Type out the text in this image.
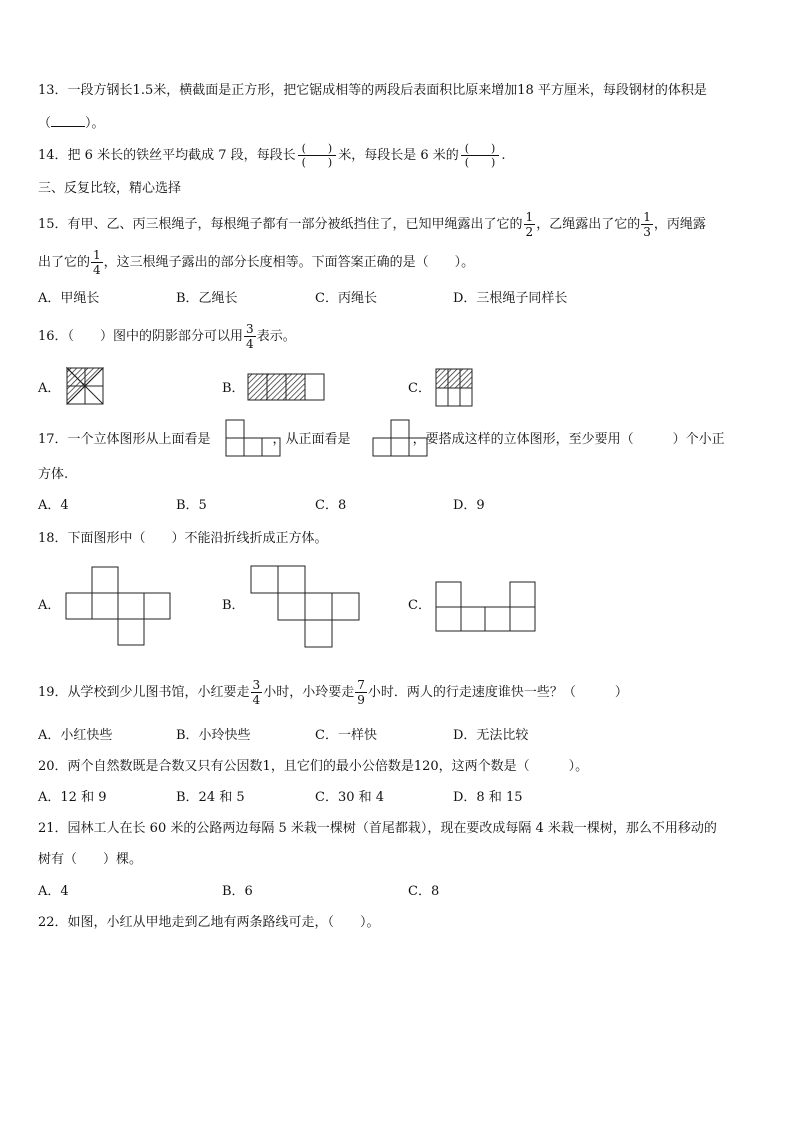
13．一段方钢长1.5米，横截面是正方形，把它锯成相等的两段后表面积比原来增加18 平方厘米，每段钢材的体积是
（	）。
14．把 6 米长的铁丝平均截成 7 段，每段长 (　　)
(　　) 米，每段长是 6 米的 (　　)
(　　) .
三、反复比较，精心选择
15．有甲、乙、丙三根绳子，每根绳子都有一部分被纸挡住了，已知甲绳露出了它的 $\frac{1}{2}$ ，乙绳露出了它的 $\frac{1}{3}$ ，丙绳露
出了它的 $\frac{1}{4}$ ，这三根绳子露出的部分长度相等。下面答案正确的是（　　）。
A．甲绳长	B．乙绳长	C．丙绳长	D．三根绳子同样长
16．（　　）图中的阴影部分可以用 $\frac{3}{4}$ 表示。
A．	B．	C．
17．一个立体图形从上面看是	，从正面看是	，要搭成这样的立体图形，至少要用（　　　）个小正
方体.
A．4	B．5	C．8	D．9
18．下面图形中（　　）不能沿折线折成正方体。
A．	B．	C．
19．从学校到少儿图书馆，小红要走 $\frac{3}{4}$ 小时，小玲要走 $\frac{7}{9}$ 小时．两人的行走速度谁快一些？（　　　）
A．小红快些	B．小玲快些	C．一样快	D．无法比较
20．两个自然数既是合数又只有公因数1，且它们的最小公倍数是120，这两个数是（　　　）。
A．12 和 9	B．24 和 5	C．30 和 4	D．8 和 15
21．园林工人在长 60 米的公路两边每隔 5 米栽一棵树（首尾都栽），现在要改成每隔 4 米栽一棵树，那么不用移动的
树有（　　）棵。
A．4	B．6	C．8
22．如图，小红从甲地走到乙地有两条路线可走，（　　）。
